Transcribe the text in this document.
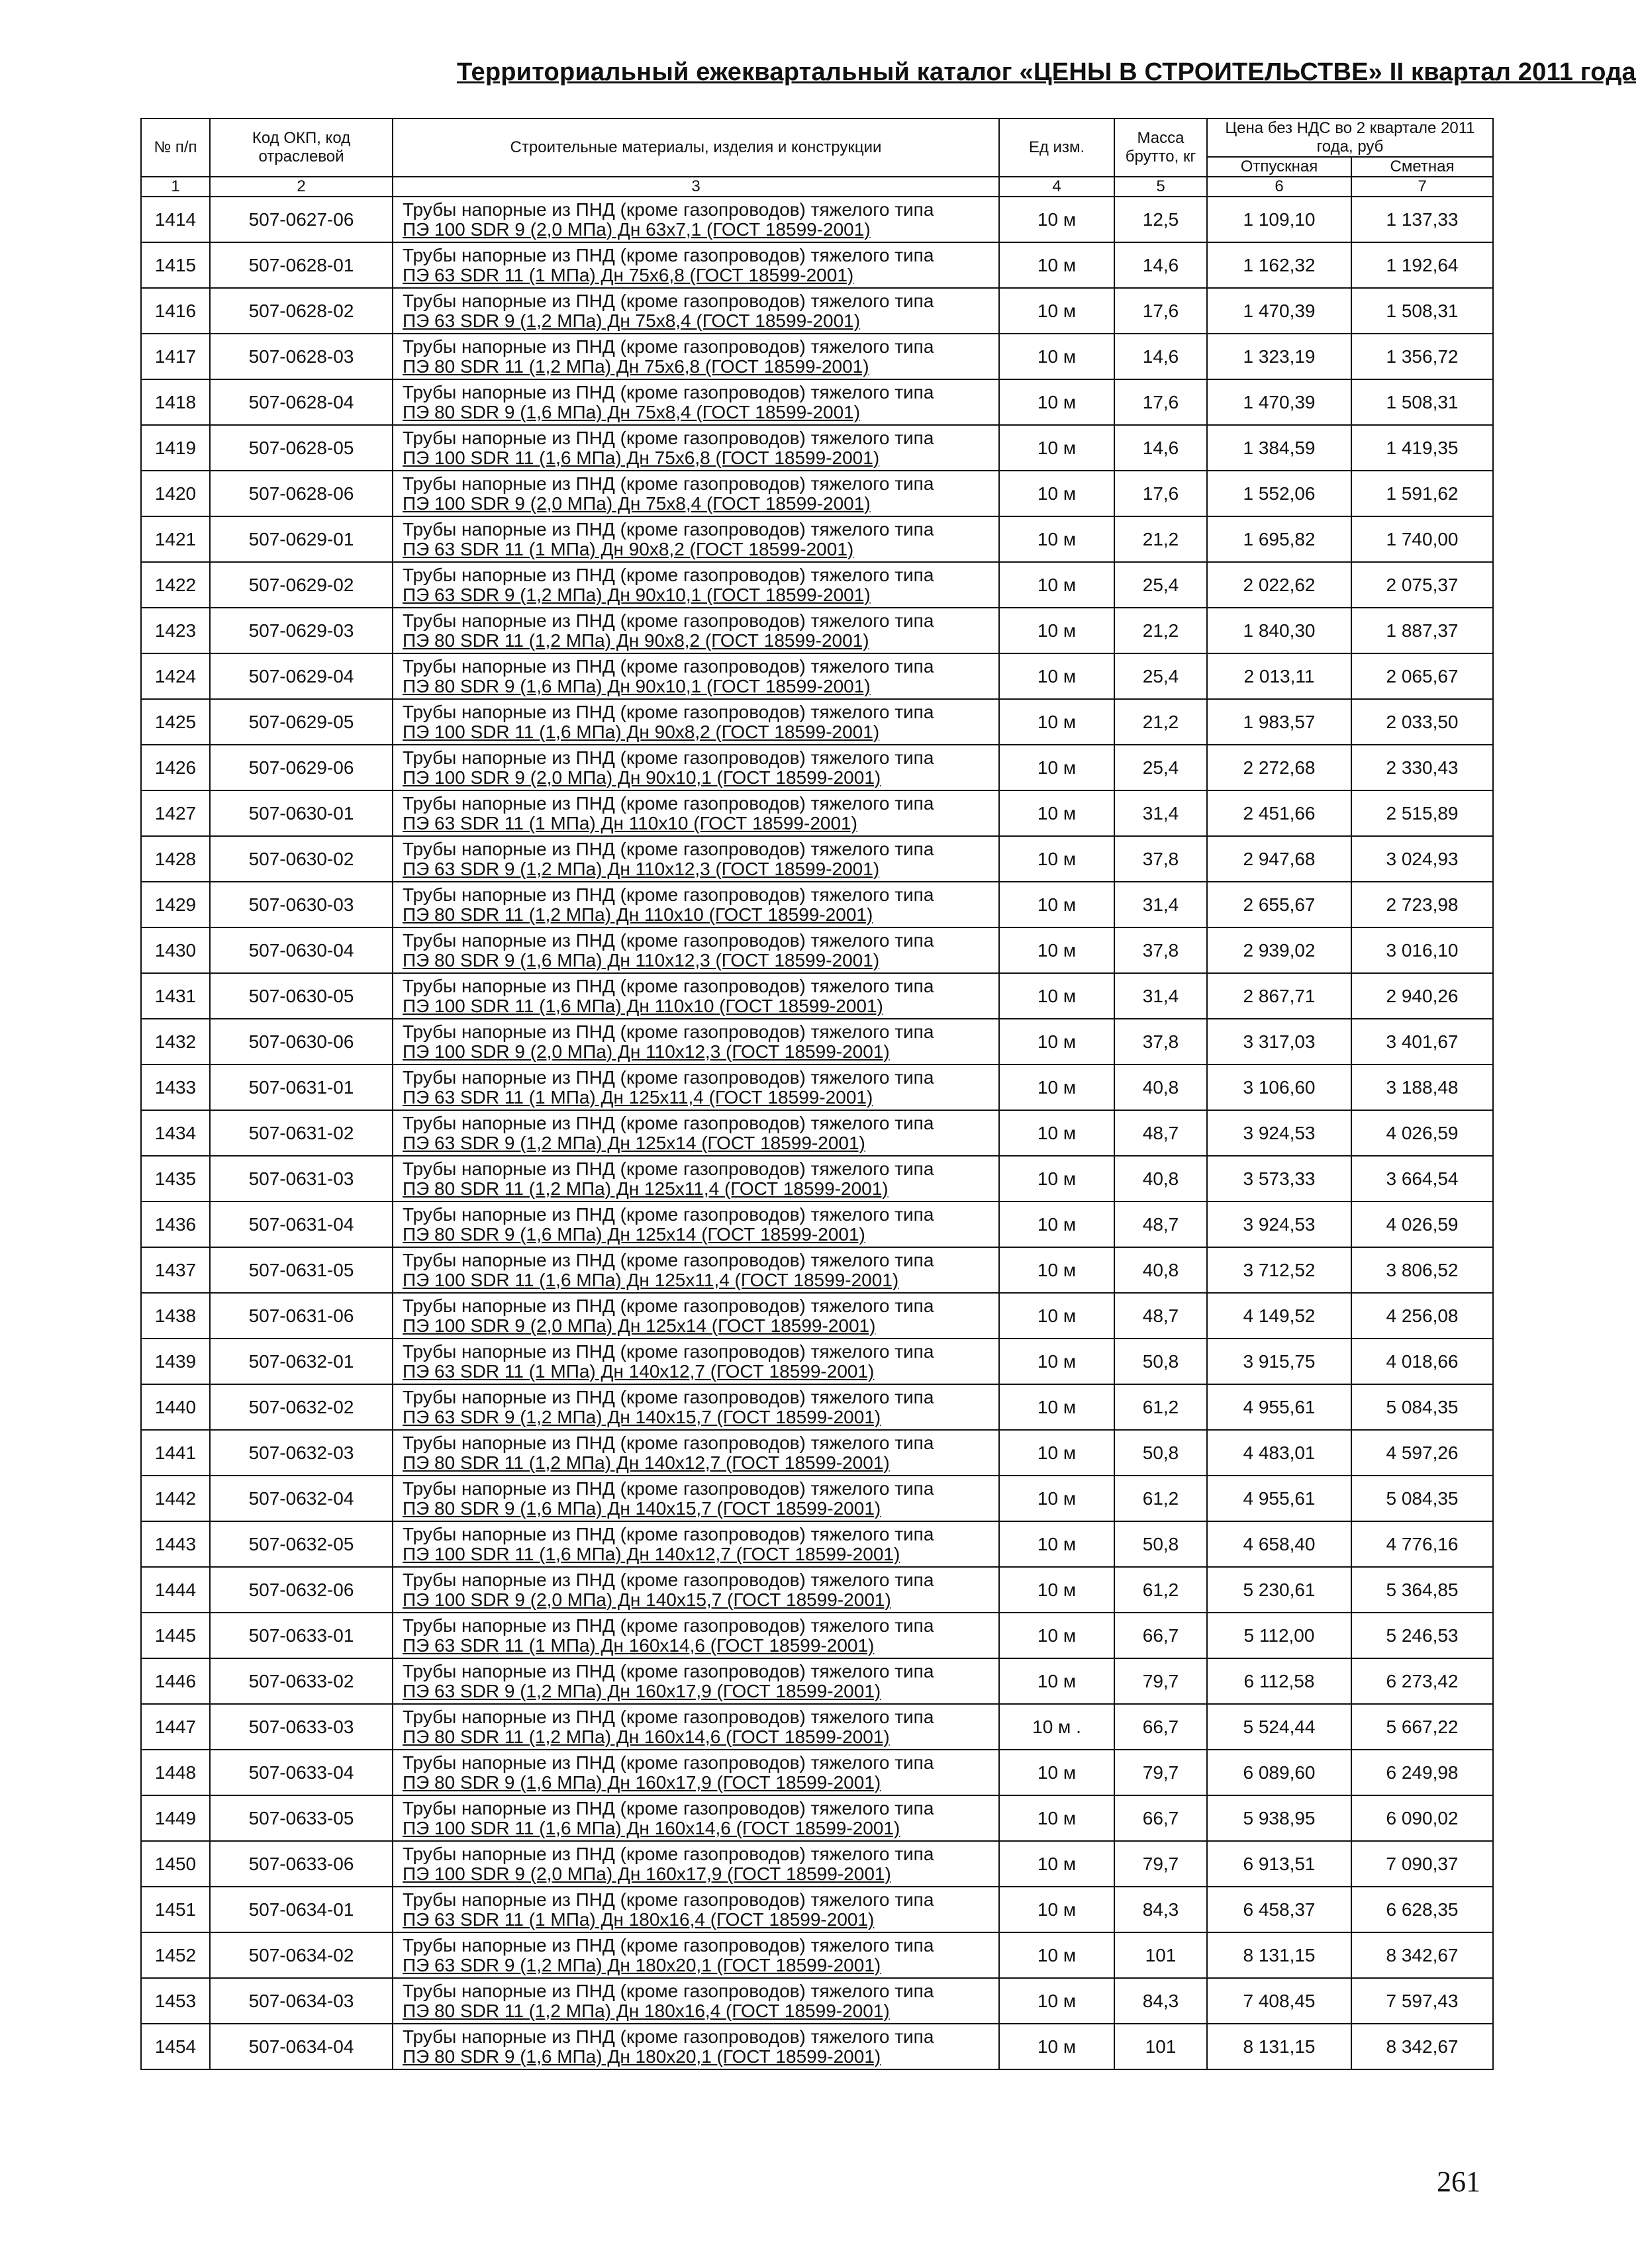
Территориальный ежеквартальный каталог «ЦЕНЫ В СТРОИТЕЛЬСТВЕ» II квартал 2011 года
№ п/п	Код ОКП, код отраслевой	Строительные материалы, изделия и конструкции	Ед изм.	Масса брутто, кг	Цена без НДС во 2 квартале 2011 года, руб	
					Отпускная	Сметная
1	2	3	4	5	6	7
1414	507-0627-06	Трубы напорные из ПНД (кроме газопроводов) тяжелого типа
ПЭ 100 SDR 9 (2,0 МПа) Дн 63х7,1 (ГОСТ 18599-2001)	10 м	12,5	1 109,10	1 137,33
1415	507-0628-01	Трубы напорные из ПНД (кроме газопроводов) тяжелого типа
ПЭ 63 SDR 11 (1 МПа) Дн 75х6,8 (ГОСТ 18599-2001)	10 м	14,6	1 162,32	1 192,64
1416	507-0628-02	Трубы напорные из ПНД (кроме газопроводов) тяжелого типа
ПЭ 63 SDR 9 (1,2 МПа) Дн 75х8,4 (ГОСТ 18599-2001)	10 м	17,6	1 470,39	1 508,31
1417	507-0628-03	Трубы напорные из ПНД (кроме газопроводов) тяжелого типа
ПЭ 80 SDR 11 (1,2 МПа) Дн 75х6,8 (ГОСТ 18599-2001)	10 м	14,6	1 323,19	1 356,72
1418	507-0628-04	Трубы напорные из ПНД (кроме газопроводов) тяжелого типа
ПЭ 80 SDR 9 (1,6 МПа) Дн 75х8,4 (ГОСТ 18599-2001)	10 м	17,6	1 470,39	1 508,31
1419	507-0628-05	Трубы напорные из ПНД (кроме газопроводов) тяжелого типа
ПЭ 100 SDR 11 (1,6 МПа) Дн 75х6,8 (ГОСТ 18599-2001)	10 м	14,6	1 384,59	1 419,35
1420	507-0628-06	Трубы напорные из ПНД (кроме газопроводов) тяжелого типа
ПЭ 100 SDR 9 (2,0 МПа) Дн 75х8,4 (ГОСТ 18599-2001)	10 м	17,6	1 552,06	1 591,62
1421	507-0629-01	Трубы напорные из ПНД (кроме газопроводов) тяжелого типа
ПЭ 63 SDR 11 (1 МПа) Дн 90х8,2 (ГОСТ 18599-2001)	10 м	21,2	1 695,82	1 740,00
1422	507-0629-02	Трубы напорные из ПНД (кроме газопроводов) тяжелого типа
ПЭ 63 SDR 9 (1,2 МПа) Дн 90х10,1 (ГОСТ 18599-2001)	10 м	25,4	2 022,62	2 075,37
1423	507-0629-03	Трубы напорные из ПНД (кроме газопроводов) тяжелого типа
ПЭ 80 SDR 11 (1,2 МПа) Дн 90х8,2 (ГОСТ 18599-2001)	10 м	21,2	1 840,30	1 887,37
1424	507-0629-04	Трубы напорные из ПНД (кроме газопроводов) тяжелого типа
ПЭ 80 SDR 9 (1,6 МПа) Дн 90х10,1 (ГОСТ 18599-2001)	10 м	25,4	2 013,11	2 065,67
1425	507-0629-05	Трубы напорные из ПНД (кроме газопроводов) тяжелого типа
ПЭ 100 SDR 11 (1,6 МПа) Дн 90х8,2 (ГОСТ 18599-2001)	10 м	21,2	1 983,57	2 033,50
1426	507-0629-06	Трубы напорные из ПНД (кроме газопроводов) тяжелого типа
ПЭ 100 SDR 9 (2,0 МПа) Дн 90х10,1 (ГОСТ 18599-2001)	10 м	25,4	2 272,68	2 330,43
1427	507-0630-01	Трубы напорные из ПНД (кроме газопроводов) тяжелого типа
ПЭ 63 SDR 11 (1 МПа) Дн 110х10 (ГОСТ 18599-2001)	10 м	31,4	2 451,66	2 515,89
1428	507-0630-02	Трубы напорные из ПНД (кроме газопроводов) тяжелого типа
ПЭ 63 SDR 9 (1,2 МПа) Дн 110х12,3 (ГОСТ 18599-2001)	10 м	37,8	2 947,68	3 024,93
1429	507-0630-03	Трубы напорные из ПНД (кроме газопроводов) тяжелого типа
ПЭ 80 SDR 11 (1,2 МПа) Дн 110х10 (ГОСТ 18599-2001)	10 м	31,4	2 655,67	2 723,98
1430	507-0630-04	Трубы напорные из ПНД (кроме газопроводов) тяжелого типа
ПЭ 80 SDR 9 (1,6 МПа) Дн 110х12,3 (ГОСТ 18599-2001)	10 м	37,8	2 939,02	3 016,10
1431	507-0630-05	Трубы напорные из ПНД (кроме газопроводов) тяжелого типа
ПЭ 100 SDR 11 (1,6 МПа) Дн 110х10 (ГОСТ 18599-2001)	10 м	31,4	2 867,71	2 940,26
1432	507-0630-06	Трубы напорные из ПНД (кроме газопроводов) тяжелого типа
ПЭ 100 SDR 9 (2,0 МПа) Дн 110х12,3 (ГОСТ 18599-2001)	10 м	37,8	3 317,03	3 401,67
1433	507-0631-01	Трубы напорные из ПНД (кроме газопроводов) тяжелого типа
ПЭ 63 SDR 11 (1 МПа) Дн 125х11,4 (ГОСТ 18599-2001)	10 м	40,8	3 106,60	3 188,48
1434	507-0631-02	Трубы напорные из ПНД (кроме газопроводов) тяжелого типа
ПЭ 63 SDR 9 (1,2 МПа) Дн 125х14 (ГОСТ 18599-2001)	10 м	48,7	3 924,53	4 026,59
1435	507-0631-03	Трубы напорные из ПНД (кроме газопроводов) тяжелого типа
ПЭ 80 SDR 11 (1,2 МПа) Дн 125х11,4 (ГОСТ 18599-2001)	10 м	40,8	3 573,33	3 664,54
1436	507-0631-04	Трубы напорные из ПНД (кроме газопроводов) тяжелого типа
ПЭ 80 SDR 9 (1,6 МПа) Дн 125х14 (ГОСТ 18599-2001)	10 м	48,7	3 924,53	4 026,59
1437	507-0631-05	Трубы напорные из ПНД (кроме газопроводов) тяжелого типа
ПЭ 100 SDR 11 (1,6 МПа) Дн 125х11,4 (ГОСТ 18599-2001)	10 м	40,8	3 712,52	3 806,52
1438	507-0631-06	Трубы напорные из ПНД (кроме газопроводов) тяжелого типа
ПЭ 100 SDR 9 (2,0 МПа) Дн 125х14 (ГОСТ 18599-2001)	10 м	48,7	4 149,52	4 256,08
1439	507-0632-01	Трубы напорные из ПНД (кроме газопроводов) тяжелого типа
ПЭ 63 SDR 11 (1 МПа) Дн 140х12,7 (ГОСТ 18599-2001)	10 м	50,8	3 915,75	4 018,66
1440	507-0632-02	Трубы напорные из ПНД (кроме газопроводов) тяжелого типа
ПЭ 63 SDR 9 (1,2 МПа) Дн 140х15,7 (ГОСТ 18599-2001)	10 м	61,2	4 955,61	5 084,35
1441	507-0632-03	Трубы напорные из ПНД (кроме газопроводов) тяжелого типа
ПЭ 80 SDR 11 (1,2 МПа) Дн 140х12,7 (ГОСТ 18599-2001)	10 м	50,8	4 483,01	4 597,26
1442	507-0632-04	Трубы напорные из ПНД (кроме газопроводов) тяжелого типа
ПЭ 80 SDR 9 (1,6 МПа) Дн 140х15,7 (ГОСТ 18599-2001)	10 м	61,2	4 955,61	5 084,35
1443	507-0632-05	Трубы напорные из ПНД (кроме газопроводов) тяжелого типа
ПЭ 100 SDR 11 (1,6 МПа) Дн 140х12,7 (ГОСТ 18599-2001)	10 м	50,8	4 658,40	4 776,16
1444	507-0632-06	Трубы напорные из ПНД (кроме газопроводов) тяжелого типа
ПЭ 100 SDR 9 (2,0 МПа) Дн 140х15,7 (ГОСТ 18599-2001)	10 м	61,2	5 230,61	5 364,85
1445	507-0633-01	Трубы напорные из ПНД (кроме газопроводов) тяжелого типа
ПЭ 63 SDR 11 (1 МПа) Дн 160х14,6 (ГОСТ 18599-2001)	10 м	66,7	5 112,00	5 246,53
1446	507-0633-02	Трубы напорные из ПНД (кроме газопроводов) тяжелого типа
ПЭ 63 SDR 9 (1,2 МПа) Дн 160х17,9 (ГОСТ 18599-2001)	10 м	79,7	6 112,58	6 273,42
1447	507-0633-03	Трубы напорные из ПНД (кроме газопроводов) тяжелого типа
ПЭ 80 SDR 11 (1,2 МПа) Дн 160х14,6 (ГОСТ 18599-2001)	10 м .	66,7	5 524,44	5 667,22
1448	507-0633-04	Трубы напорные из ПНД (кроме газопроводов) тяжелого типа
ПЭ 80 SDR 9 (1,6 МПа) Дн 160х17,9 (ГОСТ 18599-2001)	10 м	79,7	6 089,60	6 249,98
1449	507-0633-05	Трубы напорные из ПНД (кроме газопроводов) тяжелого типа
ПЭ 100 SDR 11 (1,6 МПа) Дн 160х14,6 (ГОСТ 18599-2001)	10 м	66,7	5 938,95	6 090,02
1450	507-0633-06	Трубы напорные из ПНД (кроме газопроводов) тяжелого типа
ПЭ 100 SDR 9 (2,0 МПа) Дн 160х17,9 (ГОСТ 18599-2001)	10 м	79,7	6 913,51	7 090,37
1451	507-0634-01	Трубы напорные из ПНД (кроме газопроводов) тяжелого типа
ПЭ 63 SDR 11 (1 МПа) Дн 180х16,4 (ГОСТ 18599-2001)	10 м	84,3	6 458,37	6 628,35
1452	507-0634-02	Трубы напорные из ПНД (кроме газопроводов) тяжелого типа
ПЭ 63 SDR 9 (1,2 МПа) Дн 180х20,1 (ГОСТ 18599-2001)	10 м	101	8 131,15	8 342,67
1453	507-0634-03	Трубы напорные из ПНД (кроме газопроводов) тяжелого типа
ПЭ 80 SDR 11 (1,2 МПа) Дн 180х16,4 (ГОСТ 18599-2001)	10 м	84,3	7 408,45	7 597,43
1454	507-0634-04	Трубы напорные из ПНД (кроме газопроводов) тяжелого типа
ПЭ 80 SDR 9 (1,6 МПа) Дн 180х20,1 (ГОСТ 18599-2001)	10 м	101	8 131,15	8 342,67
261
